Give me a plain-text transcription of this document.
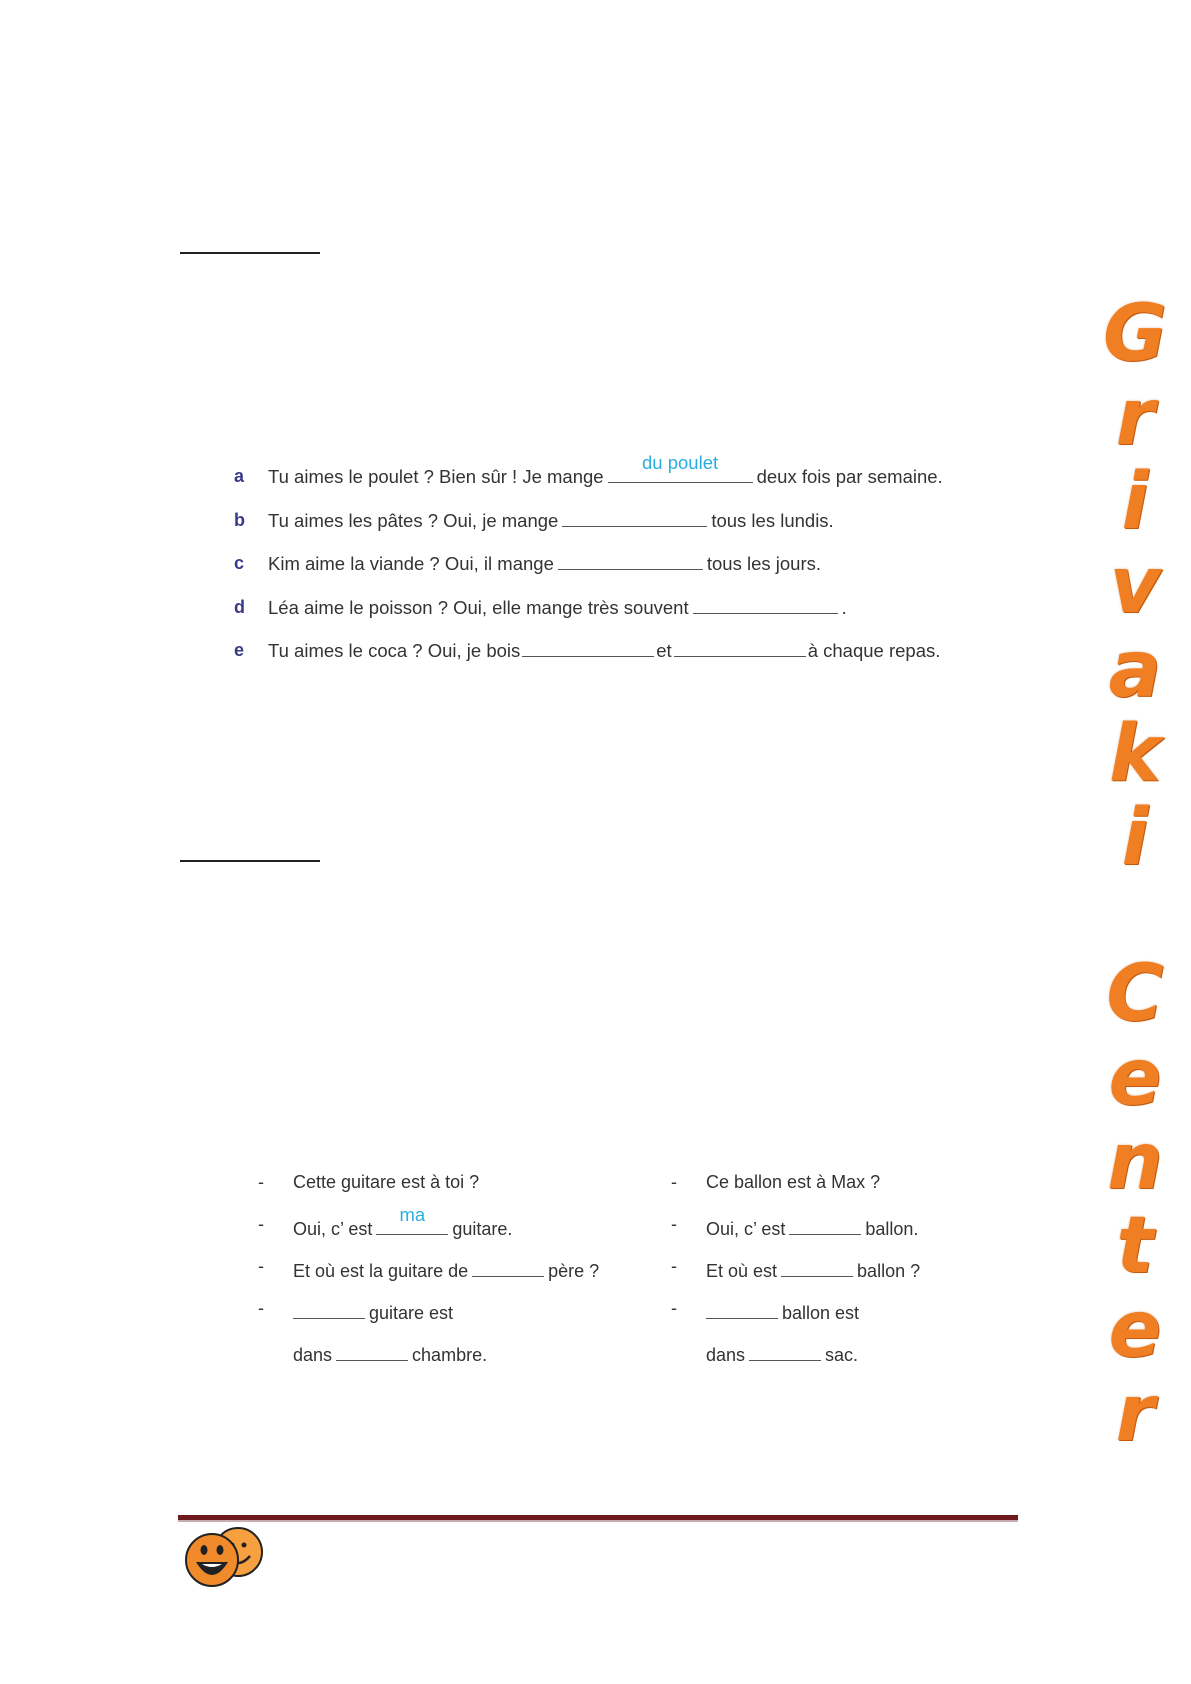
a	Tu aimes le poulet ? Bien sûr ! Je mange
du poulet
deux fois par semaine.
b	Tu aimes les pâtes ? Oui, je mange	tous les lundis.
c	Kim aime la viande ? Oui, il mange	tous les jours.
d	Léa aime le poisson ? Oui, elle mange très souvent	.
e	Tu aimes le coca ? Oui, je bois	et	à chaque repas.
- Cette guitare est à toi ?
- Oui, c’ est
ma
guitare.
- Et où est la guitare de	père ?
-	guitare est
dans	chambre.
- Ce ballon est à Max ?
- Oui, c’ est	ballon.
- Et où est	ballon ?
-	ballon est
dans	sac.
G
r
i
v
a
k
i
C
e
n
t
e
r
